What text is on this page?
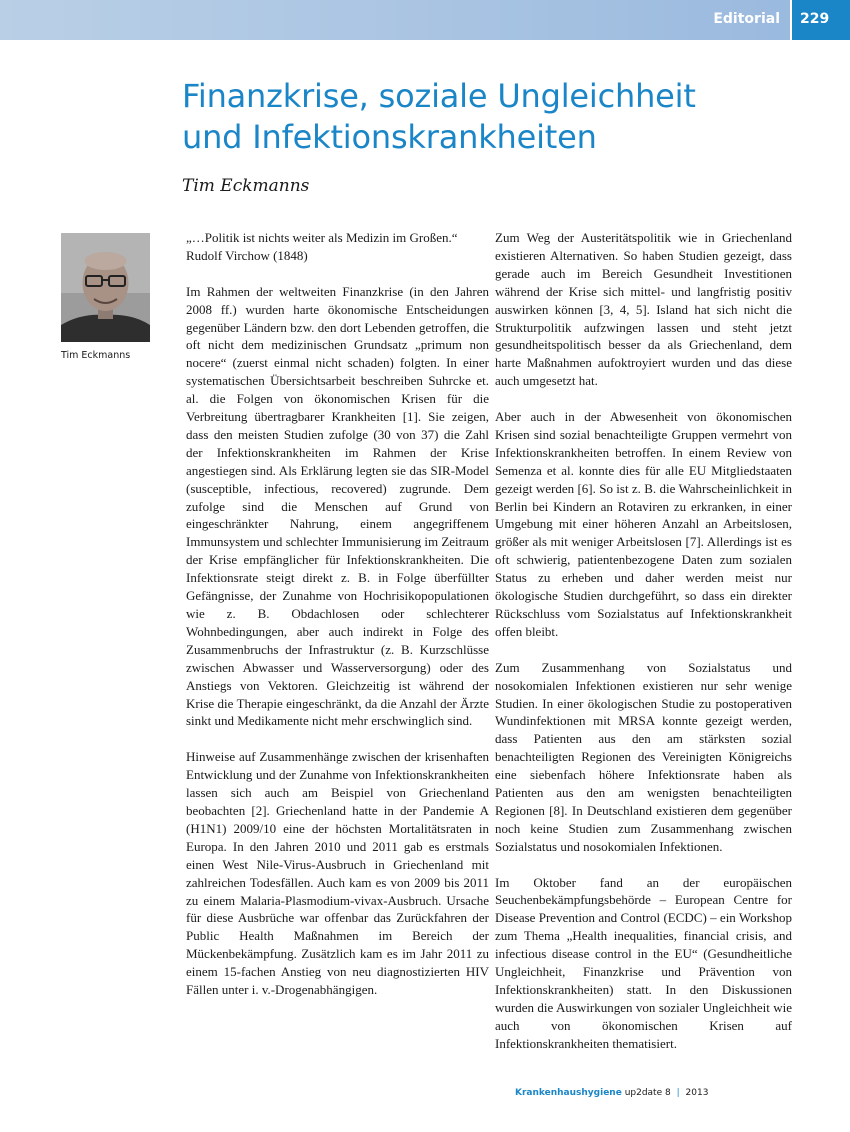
Editorial 229
Finanzkrise, soziale Ungleichheit
und Infektionskrankheiten
Tim Eckmanns
Tim Eckmanns

„…Politik ist nichts weiter als Medizin im Großen.“
Rudolf Virchow (1848)

Im Rahmen der weltweiten Finanzkrise (in den Jahren 2008 ff.) wurden harte ökonomische Entscheidungen gegenüber Ländern bzw. den dort Lebenden getroffen, die oft nicht dem medizinischen Grundsatz „primum non nocere“ (zuerst einmal nicht schaden) folgten. In einer systematischen Übersichtsarbeit beschreiben Suhrcke et. al. die Folgen von ökonomischen Krisen für die Verbreitung übertragbarer Krankheiten [1]. Sie zeigen, dass den meisten Studien zufolge (30 von 37) die Zahl der Infektionskrankheiten im Rahmen der Krise angestiegen sind. Als Erklärung legten sie das SIR-Model (susceptible, infectious, recovered) zugrunde. Dem zufolge sind die Menschen auf Grund von eingeschränkter Nahrung, einem angegriffenem Immunsystem und schlechter Immunisierung im Zeitraum der Krise empfänglicher für Infektionskrankheiten. Die Infektionsrate steigt direkt z. B. in Folge überfüllter Gefängnisse, der Zunahme von Hochrisikopopulationen wie z. B. Obdachlosen oder schlechterer Wohnbedingungen, aber auch indirekt in Folge des Zusammenbruchs der Infrastruktur (z. B. Kurzschlüsse zwischen Abwasser und Wasserversorgung) oder des Anstiegs von Vektoren. Gleichzeitig ist während der Krise die Therapie eingeschränkt, da die Anzahl der Ärzte sinkt und Medikamente nicht mehr erschwinglich sind.

Hinweise auf Zusammenhänge zwischen der krisenhaften Entwicklung und der Zunahme von Infektionskrankheiten lassen sich auch am Beispiel von Griechenland beobachten [2]. Griechenland hatte in der Pandemie A (H1N1) 2009/10 eine der höchsten Mortalitätsraten in Europa. In den Jahren 2010 und 2011 gab es erstmals einen West Nile-Virus-Ausbruch in Griechenland mit zahlreichen Todesfällen. Auch kam es von 2009 bis 2011 zu einem Malaria-Plasmodium-vivax-Ausbruch. Ursache für diese Ausbrüche war offenbar das Zurückfahren der Public Health Maßnahmen im Bereich der Mückenbekämpfung. Zusätzlich kam es im Jahr 2011 zu einem 15-fachen Anstieg von neu diagnostizierten HIV Fällen unter i. v.-Drogenabhängigen.

Zum Weg der Austeritätspolitik wie in Griechenland existieren Alternativen. So haben Studien gezeigt, dass gerade auch im Bereich Gesundheit Investitionen während der Krise sich mittel- und langfristig positiv auswirken können [3, 4, 5]. Island hat sich nicht die Strukturpolitik aufzwingen lassen und steht jetzt gesundheitspolitisch besser da als Griechenland, dem harte Maßnahmen aufoktroyiert wurden und das diese auch umgesetzt hat.

Aber auch in der Abwesenheit von ökonomischen Krisen sind sozial benachteiligte Gruppen vermehrt von Infektionskrankheiten betroffen. In einem Review von Semenza et al. konnte dies für alle EU Mitgliedstaaten gezeigt werden [6]. So ist z. B. die Wahrscheinlichkeit in Berlin bei Kindern an Rotaviren zu erkranken, in einer Umgebung mit einer höheren Anzahl an Arbeitslosen, größer als mit weniger Arbeitslosen [7]. Allerdings ist es oft schwierig, patientenbezogene Daten zum sozialen Status zu erheben und daher werden meist nur ökologische Studien durchgeführt, so dass ein direkter Rückschluss vom Sozialstatus auf Infektionskrankheit offen bleibt.

Zum Zusammenhang von Sozialstatus und nosokomialen Infektionen existieren nur sehr wenige Studien. In einer ökologischen Studie zu postoperativen Wundinfektionen mit MRSA konnte gezeigt werden, dass Patienten aus den am stärksten sozial benachteiligten Regionen des Vereinigten Königreichs eine siebenfach höhere Infektionsrate haben als Patienten aus den am wenigsten benachteiligten Regionen [8]. In Deutschland existieren dem gegenüber noch keine Studien zum Zusammenhang zwischen Sozialstatus und nosokomialen Infektionen.

Im Oktober fand an der europäischen Seuchenbekämpfungsbehörde – European Centre for Disease Prevention and Control (ECDC) – ein Workshop zum Thema „Health inequalities, financial crisis, and infectious disease control in the EU“ (Gesundheitliche Ungleichheit, Finanzkrise und Prävention von Infektionskrankheiten) statt. In den Diskussionen wurden die Auswirkungen von sozialer Ungleichheit wie auch von ökonomischen Krisen auf Infektionskrankheiten thematisiert.

Krankenhaushygiene up2date 8 | 2013
